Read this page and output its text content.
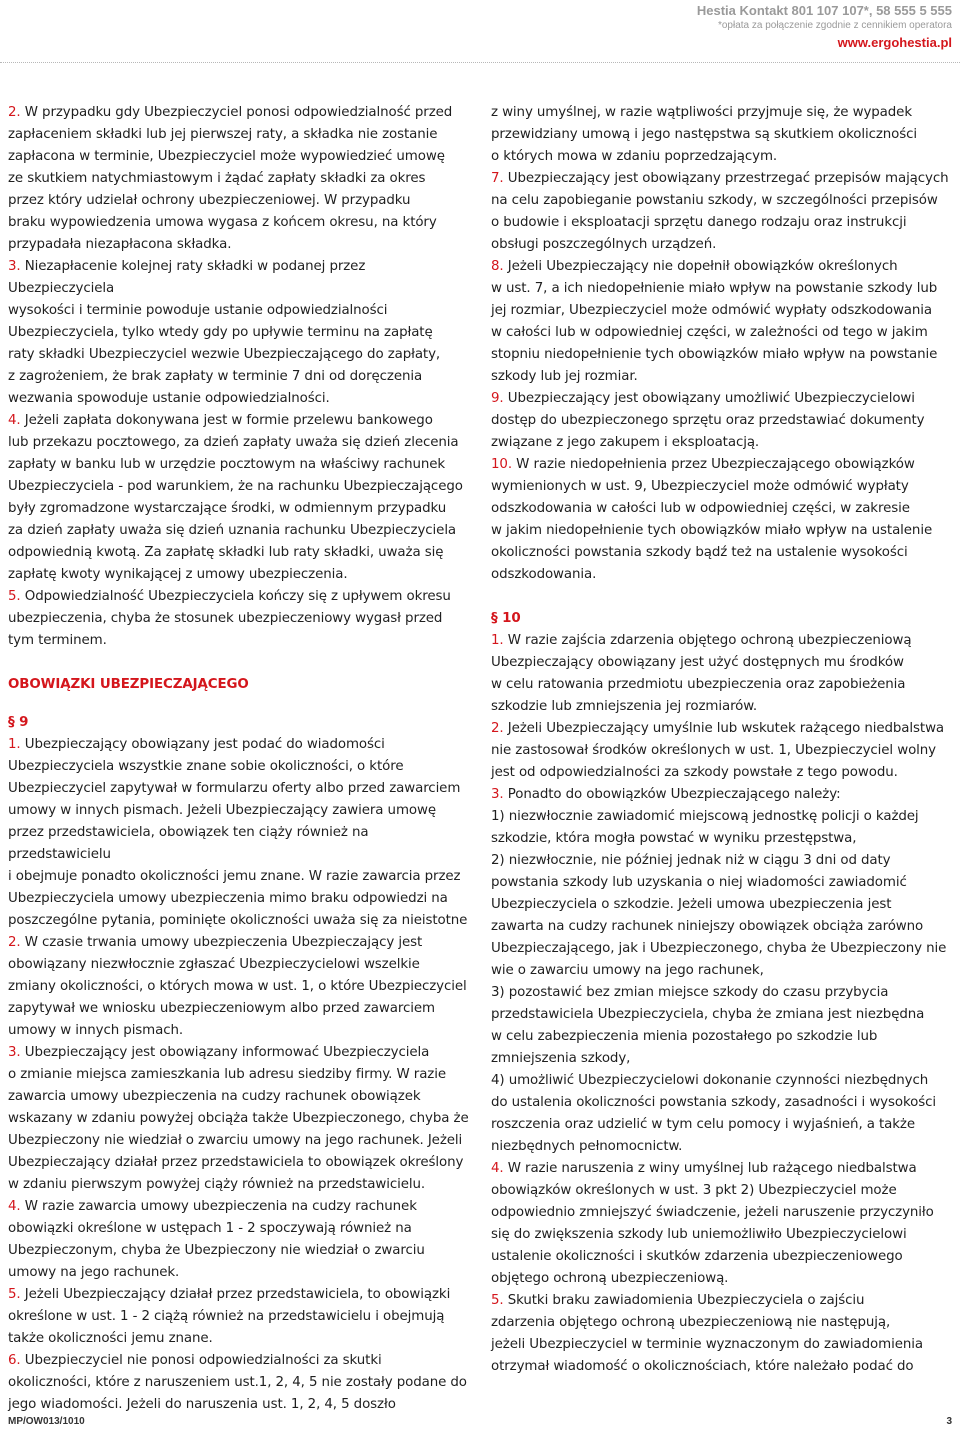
Hestia Kontakt 801 107 107*, 58 555 5 555
*opłata za połączenie zgodnie z cennikiem operatora
www.ergohestia.pl

2. W przypadku gdy Ubezpieczyciel ponosi odpowiedzialność przed

zapłaceniem składki lub jej pierwszej raty, a składka nie zostanie

zapłacona w terminie, Ubezpieczyciel może wypowiedzieć umowę

ze skutkiem natychmiastowym i żądać zapłaty składki za okres

przez który udzielał ochrony ubezpieczeniowej. W przypadku

braku wypowiedzenia umowa wygasa z końcem okresu, na który

przypadała niezapłacona składka.

3. Niezapłacenie kolejnej raty składki w podanej przez Ubezpieczyciela

wysokości i terminie powoduje ustanie odpowiedzialności

Ubezpieczyciela, tylko wtedy gdy po upływie terminu na zapłatę

raty składki Ubezpieczyciel wezwie Ubezpieczającego do zapłaty,

z zagrożeniem, że brak zapłaty w terminie 7 dni od doręczenia

wezwania spowoduje ustanie odpowiedzialności.

4. Jeżeli zapłata dokonywana jest w formie przelewu bankowego

lub przekazu pocztowego, za dzień zapłaty uważa się dzień zlecenia

zapłaty w banku lub w urzędzie pocztowym na właściwy rachunek

Ubezpieczyciela - pod warunkiem, że na rachunku Ubezpieczającego

były zgromadzone wystarczające środki, w odmiennym przypadku

za dzień zapłaty uważa się dzień uznania rachunku Ubezpieczyciela

odpowiednią kwotą. Za zapłatę składki lub raty składki, uważa się

zapłatę kwoty wynikającej z umowy ubezpieczenia.

5. Odpowiedzialność Ubezpieczyciela kończy się z upływem okresu

ubezpieczenia, chyba że stosunek ubezpieczeniowy wygasł przed

tym terminem.

OBOWIĄZKI UBEZPIECZAJĄCEGO

§ 9

1. Ubezpieczający obowiązany jest podać do wiadomości

Ubezpieczyciela wszystkie znane sobie okoliczności, o które

Ubezpieczyciel zapytywał w formularzu oferty albo przed zawarciem

umowy w innych pismach. Jeżeli Ubezpieczający zawiera umowę

przez przedstawiciela, obowiązek ten ciąży również na przedstawicielu

i obejmuje ponadto okoliczności jemu znane. W razie zawarcia przez

Ubezpieczyciela umowy ubezpieczenia mimo braku odpowiedzi na

poszczególne pytania, pominięte okoliczności uważa się za nieistotne

2. W czasie trwania umowy ubezpieczenia Ubezpieczający jest

obowiązany niezwłocznie zgłaszać Ubezpieczycielowi wszelkie

zmiany okoliczności, o których mowa w ust. 1, o które Ubezpieczyciel

zapytywał we wniosku ubezpieczeniowym albo przed zawarciem

umowy w innych pismach.

3. Ubezpieczający jest obowiązany informować Ubezpieczyciela

o zmianie miejsca zamieszkania lub adresu siedziby firmy. W razie

zawarcia umowy ubezpieczenia na cudzy rachunek obowiązek

wskazany w zdaniu powyżej obciąża także Ubezpieczonego, chyba że

Ubezpieczony nie wiedział o zwarciu umowy na jego rachunek. Jeżeli

Ubezpieczający działał przez przedstawiciela to obowiązek określony

w zdaniu pierwszym powyżej ciąży również na przedstawicielu.

4. W razie zawarcia umowy ubezpieczenia na cudzy rachunek

obowiązki określone w ustępach 1 - 2 spoczywają również na

Ubezpieczonym, chyba że Ubezpieczony nie wiedział o zwarciu

umowy na jego rachunek.

5. Jeżeli Ubezpieczający działał przez przedstawiciela, to obowiązki

określone w ust. 1 - 2 ciążą również na przedstawicielu i obejmują

także okoliczności jemu znane.

6. Ubezpieczyciel nie ponosi odpowiedzialności za skutki

okoliczności, które z naruszeniem ust.1, 2, 4, 5 nie zostały podane do

jego wiadomości. Jeżeli do naruszenia ust. 1, 2, 4, 5 doszło

z winy umyślnej, w razie wątpliwości przyjmuje się, że wypadek

przewidziany umową i jego następstwa są skutkiem okoliczności

o których mowa w zdaniu poprzedzającym.

7. Ubezpieczający jest obowiązany przestrzegać przepisów mających

na celu zapobieganie powstaniu szkody, w szczególności przepisów

o budowie i eksploatacji sprzętu danego rodzaju oraz instrukcji

obsługi poszczególnych urządzeń.

8. Jeżeli Ubezpieczający nie dopełnił obowiązków określonych

w ust. 7, a ich niedopełnienie miało wpływ na powstanie szkody lub

jej rozmiar, Ubezpieczyciel może odmówić wypłaty odszkodowania

w całości lub w odpowiedniej części, w zależności od tego w jakim

stopniu niedopełnienie tych obowiązków miało wpływ na powstanie

szkody lub jej rozmiar.

9. Ubezpieczający jest obowiązany umożliwić Ubezpieczycielowi

dostęp do ubezpieczonego sprzętu oraz przedstawiać dokumenty

związane z jego zakupem i eksploatacją.

10. W razie niedopełnienia przez Ubezpieczającego obowiązków

wymienionych w ust. 9, Ubezpieczyciel może odmówić wypłaty

odszkodowania w całości lub w odpowiedniej części, w zakresie

w jakim niedopełnienie tych obowiązków miało wpływ na ustalenie

okoliczności powstania szkody bądź też na ustalenie wysokości

odszkodowania.

§ 10

1. W razie zajścia zdarzenia objętego ochroną ubezpieczeniową

Ubezpieczający obowiązany jest użyć dostępnych mu środków

w celu ratowania przedmiotu ubezpieczenia oraz zapobieżenia

szkodzie lub zmniejszenia jej rozmiarów.

2. Jeżeli Ubezpieczający umyślnie lub wskutek rażącego niedbalstwa

nie zastosował środków określonych w ust. 1, Ubezpieczyciel wolny

jest od odpowiedzialności za szkody powstałe z tego powodu.

3. Ponadto do obowiązków Ubezpieczającego należy:

1) niezwłocznie zawiadomić miejscową jednostkę policji o każdej

szkodzie, która mogła powstać w wyniku przestępstwa,

2) niezwłocznie, nie później jednak niż w ciągu 3 dni od daty

powstania szkody lub uzyskania o niej wiadomości zawiadomić

Ubezpieczyciela o szkodzie. Jeżeli umowa ubezpieczenia jest

zawarta na cudzy rachunek niniejszy obowiązek obciąża zarówno

Ubezpieczającego, jak i Ubezpieczonego, chyba że Ubezpieczony nie

wie o zawarciu umowy na jego rachunek,

3) pozostawić bez zmian miejsce szkody do czasu przybycia

przedstawiciela Ubezpieczyciela, chyba że zmiana jest niezbędna

w celu zabezpieczenia mienia pozostałego po szkodzie lub

zmniejszenia szkody,

4) umożliwić Ubezpieczycielowi dokonanie czynności niezbędnych

do ustalenia okoliczności powstania szkody, zasadności i wysokości

roszczenia oraz udzielić w tym celu pomocy i wyjaśnień, a także

niezbędnych pełnomocnictw.

4. W razie naruszenia z winy umyślnej lub rażącego niedbalstwa

obowiązków określonych w ust. 3 pkt 2) Ubezpieczyciel może

odpowiednio zmniejszyć świadczenie, jeżeli naruszenie przyczyniło

się do zwiększenia szkody lub uniemożliwiło Ubezpieczycielowi

ustalenie okoliczności i skutków zdarzenia ubezpieczeniowego

objętego ochroną ubezpieczeniową.

5. Skutki braku zawiadomienia Ubezpieczyciela o zajściu

zdarzenia objętego ochroną ubezpieczeniową nie następują,

jeżeli Ubezpieczyciel w terminie wyznaczonym do zawiadomienia

otrzymał wiadomość o okolicznościach, które należało podać do

MP/OW013/1010	3
